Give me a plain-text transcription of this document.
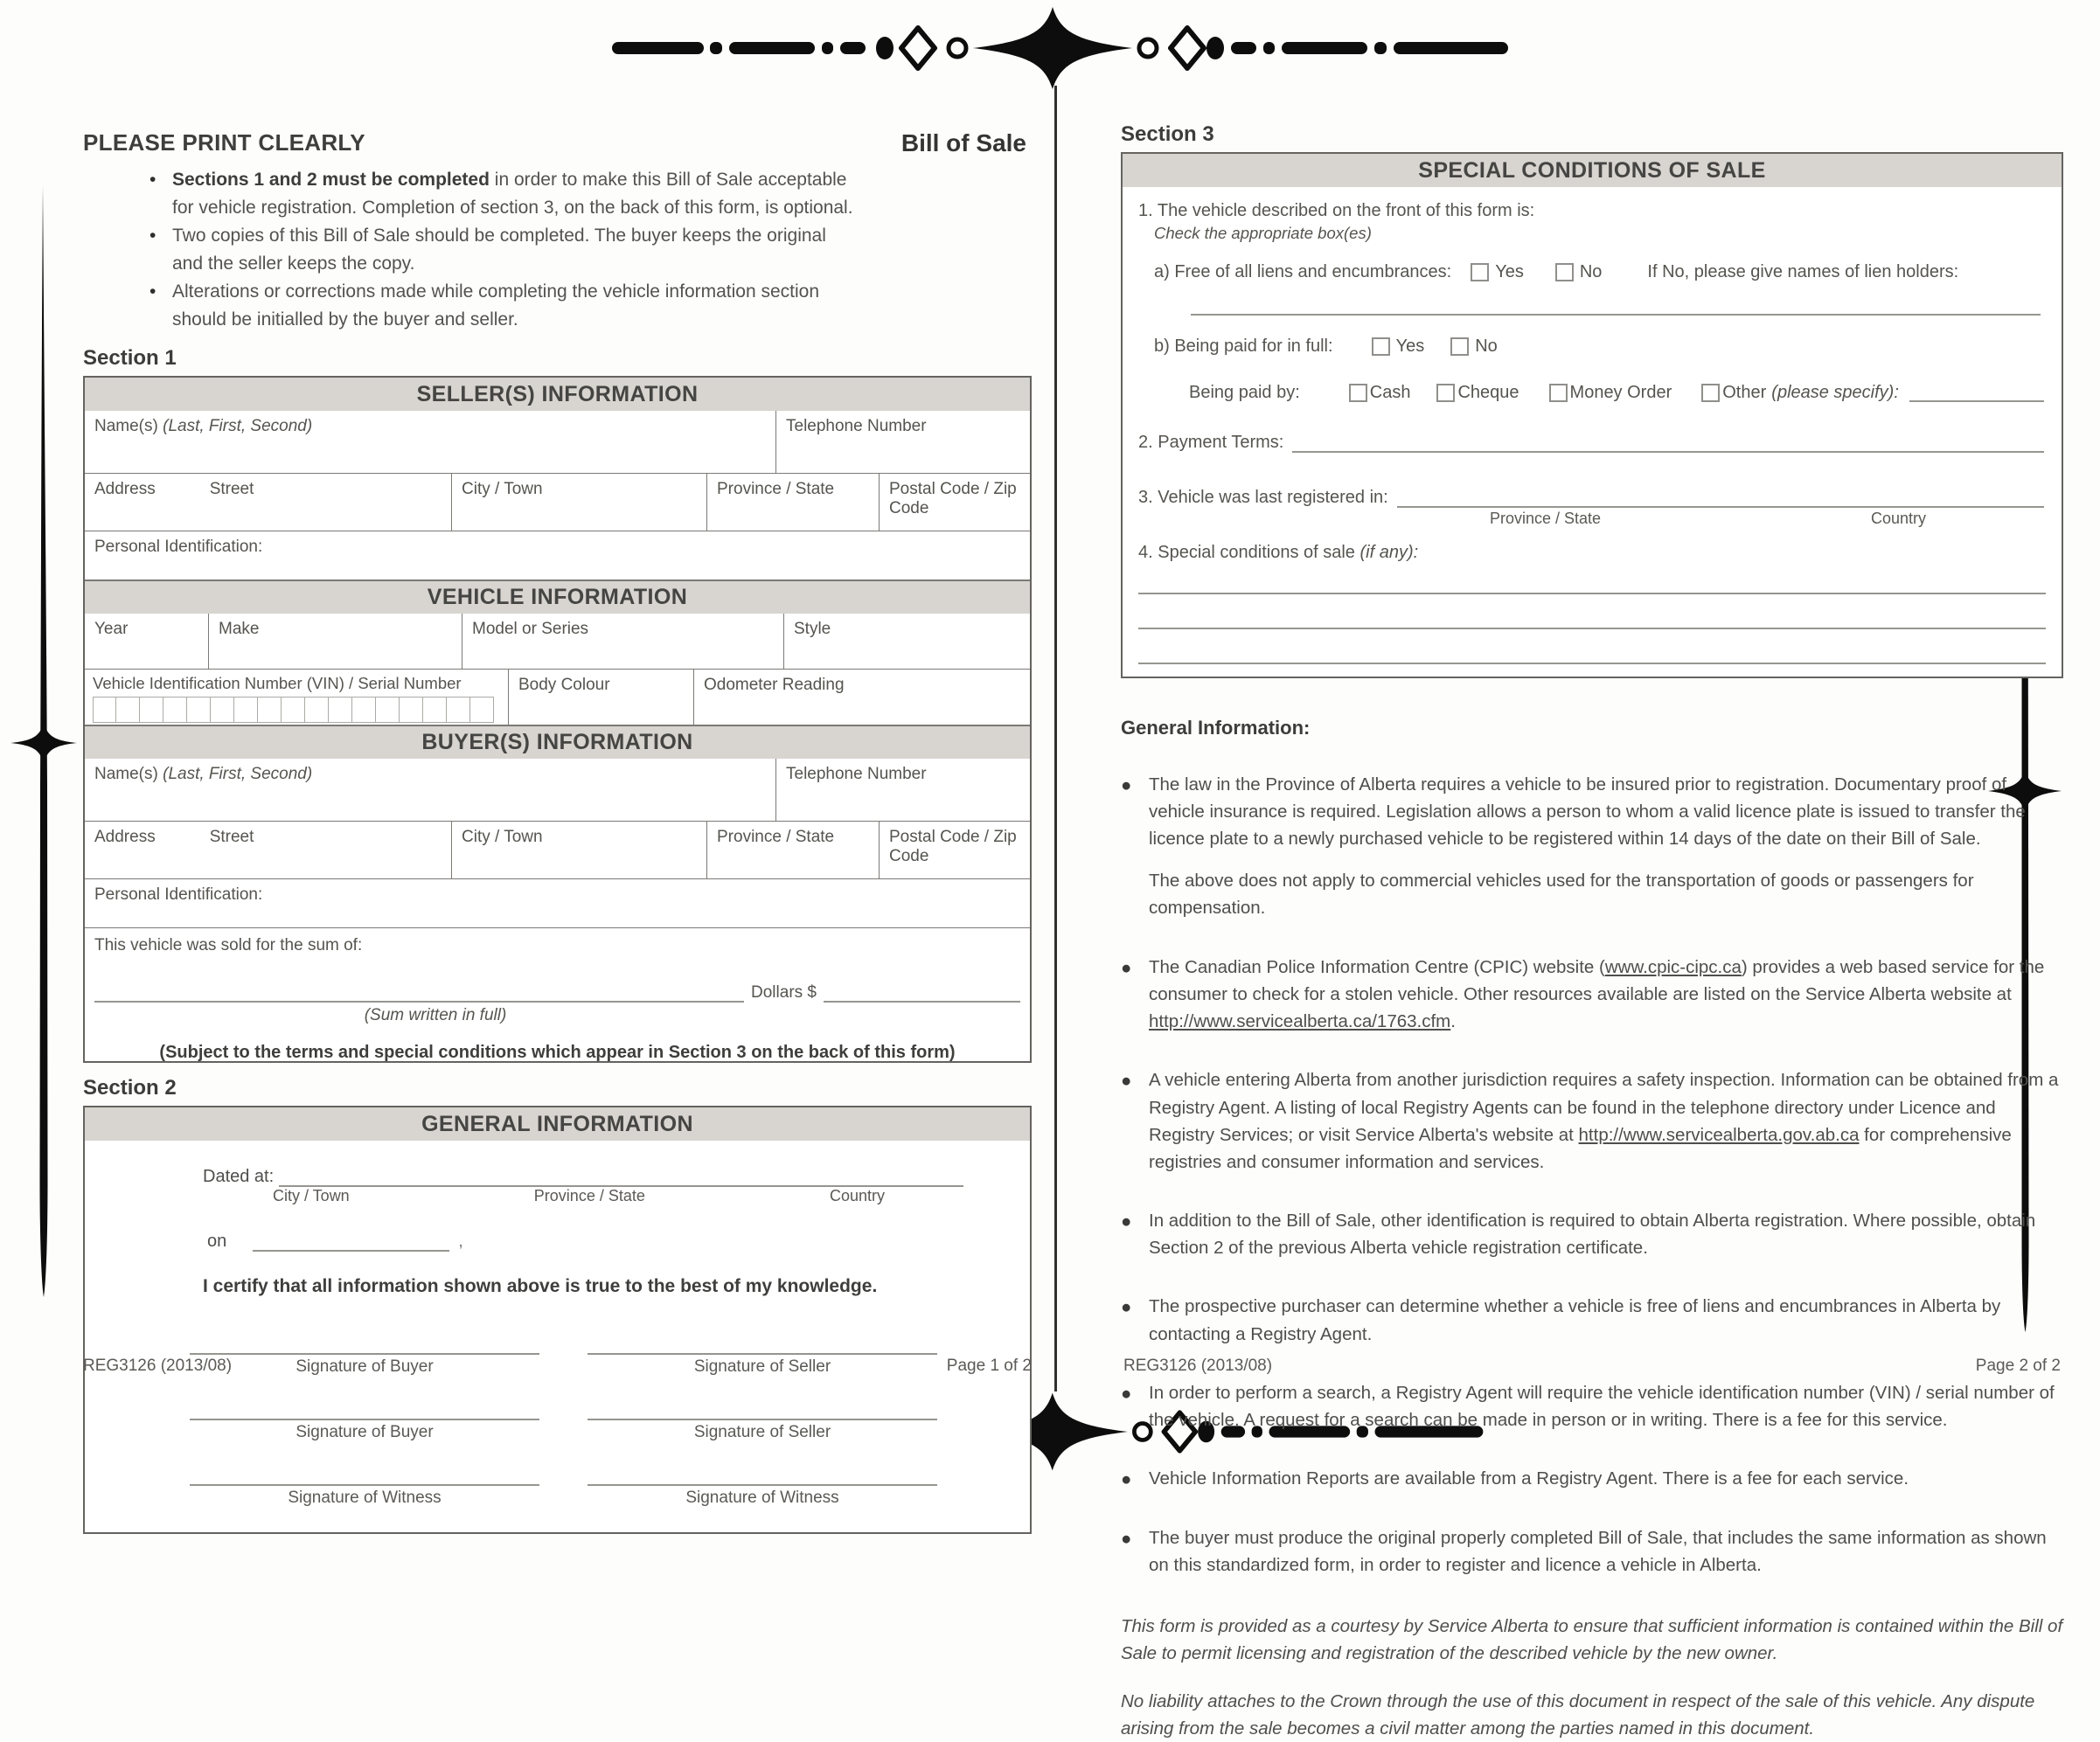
PLEASE PRINT CLEARLY	Bill of Sale
• Sections 1 and 2 must be completed in order to make this Bill of Sale acceptable for vehicle registration. Completion of section 3, on the back of this form, is optional.
• Two copies of this Bill of Sale should be completed. The buyer keeps the original and the seller keeps the copy.
• Alterations or corrections made while completing the vehicle information section should be initialled by the buyer and seller.
Section 1
SELLER(S) INFORMATION
Name(s) (Last, First, Second)	Telephone Number
Address	Street	City / Town	Province / State	Postal Code / Zip Code
Personal Identification:
VEHICLE INFORMATION
Year	Make	Model or Series	Style
Vehicle Identification Number (VIN) / Serial Number	Body Colour	Odometer Reading
BUYER(S) INFORMATION
Name(s) (Last, First, Second)	Telephone Number
Address	Street	City / Town	Province / State	Postal Code / Zip Code
Personal Identification:
This vehicle was sold for the sum of:
Dollars $
(Sum written in full)
(Subject to the terms and special conditions which appear in Section 3 on the back of this form)
Section 2
GENERAL INFORMATION
Dated at:
City / Town	Province / State	Country
on	,
I certify that all information shown above is true to the best of my knowledge.
Signature of Buyer	Signature of Seller
Signature of Buyer	Signature of Seller
Signature of Witness	Signature of Witness
REG3126 (2013/08)	Page 1 of 2
Section 3
SPECIAL CONDITIONS OF SALE
1. The vehicle described on the front of this form is:
Check the appropriate box(es)
a) Free of all liens and encumbrances:	Yes	No	If No, please give names of lien holders:
b) Being paid for in full:	Yes	No
Being paid by:	Cash	Cheque	Money Order	Other (please specify):
2. Payment Terms:
3. Vehicle was last registered in:
Province / State	Country
4. Special conditions of sale (if any):
General Information:
● The law in the Province of Alberta requires a vehicle to be insured prior to registration. Documentary proof of vehicle insurance is required. Legislation allows a person to whom a valid licence plate is issued to transfer the licence plate to a newly purchased vehicle to be registered within 14 days of the date on their Bill of Sale.
The above does not apply to commercial vehicles used for the transportation of goods or passengers for compensation.
● The Canadian Police Information Centre (CPIC) website (www.cpic-cipc.ca) provides a web based service for the consumer to check for a stolen vehicle. Other resources available are listed on the Service Alberta website at http://www.servicealberta.ca/1763.cfm.
● A vehicle entering Alberta from another jurisdiction requires a safety inspection. Information can be obtained from a Registry Agent. A listing of local Registry Agents can be found in the telephone directory under Licence and Registry Services; or visit Service Alberta's website at http://www.servicealberta.gov.ab.ca for comprehensive registries and consumer information and services.
● In addition to the Bill of Sale, other identification is required to obtain Alberta registration. Where possible, obtain Section 2 of the previous Alberta vehicle registration certificate.
● The prospective purchaser can determine whether a vehicle is free of liens and encumbrances in Alberta by contacting a Registry Agent.
● In order to perform a search, a Registry Agent will require the vehicle identification number (VIN) / serial number of the vehicle. A request for a search can be made in person or in writing. There is a fee for this service.
● Vehicle Information Reports are available from a Registry Agent. There is a fee for each service.
● The buyer must produce the original properly completed Bill of Sale, that includes the same information as shown on this standardized form, in order to register and licence a vehicle in Alberta.
This form is provided as a courtesy by Service Alberta to ensure that sufficient information is contained within the Bill of Sale to permit licensing and registration of the described vehicle by the new owner.
No liability attaches to the Crown through the use of this document in respect of the sale of this vehicle. Any dispute arising from the sale becomes a civil matter among the parties named in this document.
REG3126 (2013/08)	Page 2 of 2
